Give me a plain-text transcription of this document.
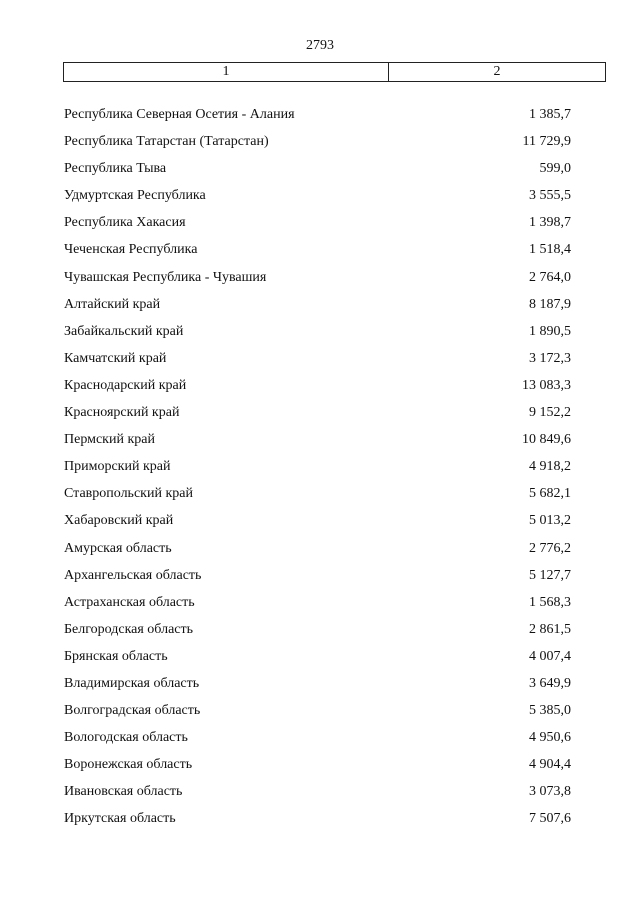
2793
1	2
Республика Северная Осетия - Алания	1 385,7
Республика Татарстан (Татарстан)	11 729,9
Республика Тыва	599,0
Удмуртская Республика	3 555,5
Республика Хакасия	1 398,7
Чеченская Республика	1 518,4
Чувашская Республика - Чувашия	2 764,0
Алтайский край	8 187,9
Забайкальский край	1 890,5
Камчатский край	3 172,3
Краснодарский край	13 083,3
Красноярский край	9 152,2
Пермский край	10 849,6
Приморский край	4 918,2
Ставропольский край	5 682,1
Хабаровский край	5 013,2
Амурская область	2 776,2
Архангельская область	5 127,7
Астраханская область	1 568,3
Белгородская область	2 861,5
Брянская область	4 007,4
Владимирская область	3 649,9
Волгоградская область	5 385,0
Вологодская область	4 950,6
Воронежская область	4 904,4
Ивановская область	3 073,8
Иркутская область	7 507,6
